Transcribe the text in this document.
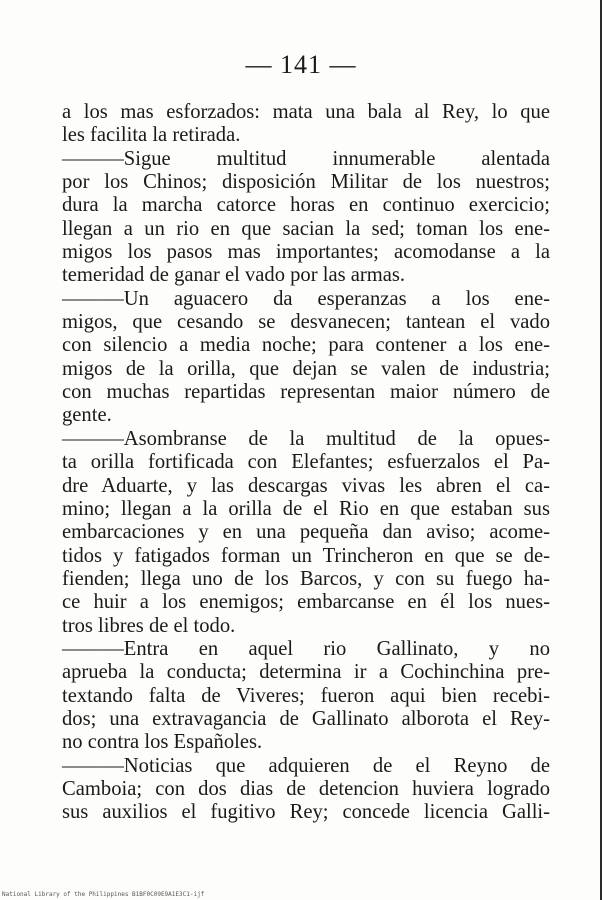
— 141 —
a los mas esforzados: mata una bala al Rey, lo que
les facilita la retirada.
———Sigue multitud innumerable alentada
por los Chinos; disposición Militar de los nuestros;
dura la marcha catorce horas en continuo exercicio;
llegan a un rio en que sacian la sed; toman los ene-
migos los pasos mas importantes; acomodanse a la
temeridad de ganar el vado por las armas.
———Un aguacero da esperanzas a los ene-
migos, que cesando se desvanecen; tantean el vado
con silencio a media noche; para contener a los ene-
migos de la orilla, que dejan se valen de industria;
con muchas repartidas representan maior número de
gente.
———Asombranse de la multitud de la opues-
ta orilla fortificada con Elefantes; esfuerzalos el Pa-
dre Aduarte, y las descargas vivas les abren el ca-
mino; llegan a la orilla de el Rio en que estaban sus
embarcaciones y en una pequeña dan aviso; acome-
tidos y fatigados forman un Trincheron en que se de-
fienden; llega uno de los Barcos, y con su fuego ha-
ce huir a los enemigos; embarcanse en él los nues-
tros libres de el todo.
———Entra en aquel rio Gallinato, y no
aprueba la conducta; determina ir a Cochinchina pre-
textando falta de Viveres; fueron aqui bien recebi-
dos; una extravagancia de Gallinato alborota el Rey-
no contra los Españoles.
———Noticias que adquieren de el Reyno de
Camboia; con dos dias de detencion huviera logrado
sus auxilios el fugitivo Rey; concede licencia Galli-
National Library of the Philippines B1BF0C09E9A1E3C1-ijf
